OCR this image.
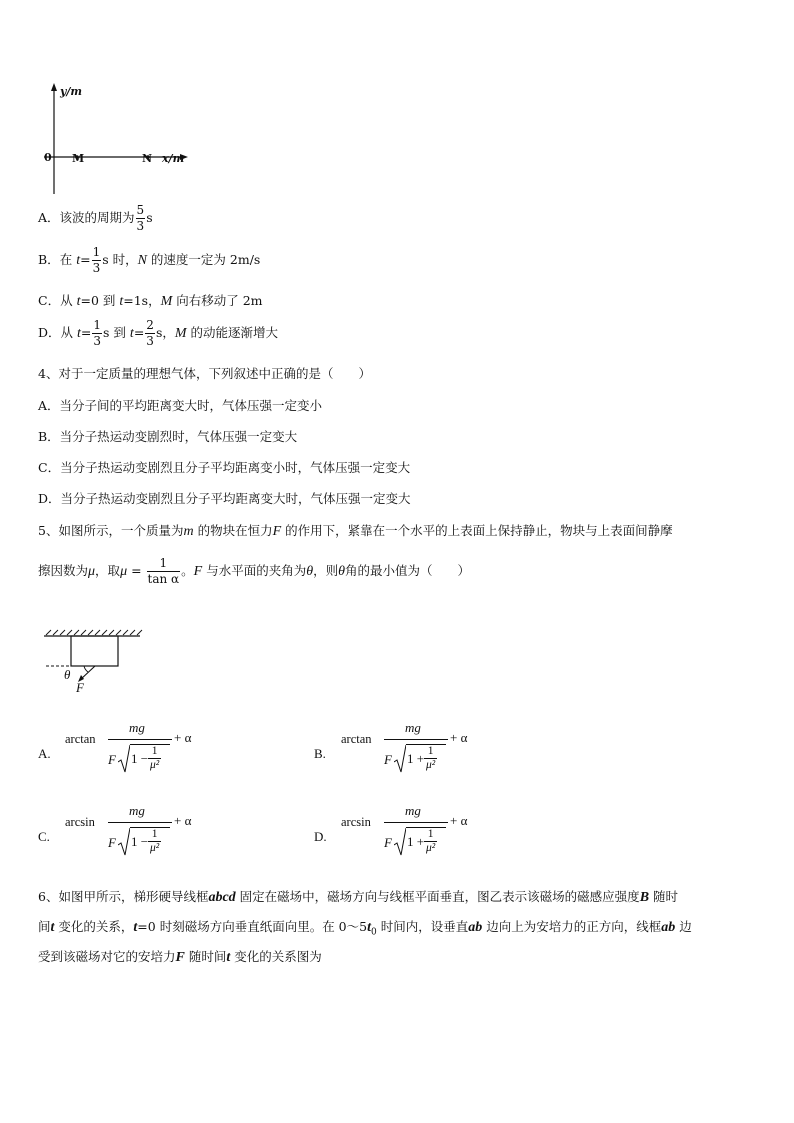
y/m
0 M	N x/m
A．该波的周期为 $\frac{5}{3}$ s
B．在 $t= \frac{1}{3}$ s 时，N 的速度一定为 2m/s
C．从 t=0 到 t=1s，M 向右移动了 2m
D．从 $t= \frac{1}{3}$ s 到 $t= \frac{2}{3}$ s，M 的动能逐渐增大
4、对于一定质量的理想气体，下列叙述中正确的是（　　）
A．当分子间的平均距离变大时，气体压强一定变小
B．当分子热运动变剧烈时，气体压强一定变大
C．当分子热运动变剧烈且分子平均距离变小时，气体压强一定变大
D．当分子热运动变剧烈且分子平均距离变大时，气体压强一定变大
5、如图所示，一个质量为m 的物块在恒力F 的作用下，紧靠在一个水平的上表面上保持静止，物块与上表面间静摩
擦因数为μ，取$\mu = \frac{1}{\text{tan α}}$ 。F 与水平面的夹角为θ，则θ角的最小值为（　　）
θ
F
A.
arctan
mg
+ α
F $1 - \frac{1}{\text{μ²}}$	B.
arctan
mg
+ α
F $1 + \frac{1}{\text{μ²}}$
C.
arcsin
mg
+ α
F $1 - \frac{1}{\text{μ²}}$	D.
arcsin
mg
+ α
F $1 + \frac{1}{\text{μ²}}$
6、如图甲所示，梯形硬导线框abcd 固定在磁场中，磁场方向与线框平面垂直，图乙表示该磁场的磁感应强度B 随时
间t 变化的关系，t=0 时刻磁场方向垂直纸面向里。在 $0\sim 5t_0$ 时间内，设垂直ab 边向上为安培力的正方向，线框ab 边
受到该磁场对它的安培力F 随时间t 变化的关系图为
